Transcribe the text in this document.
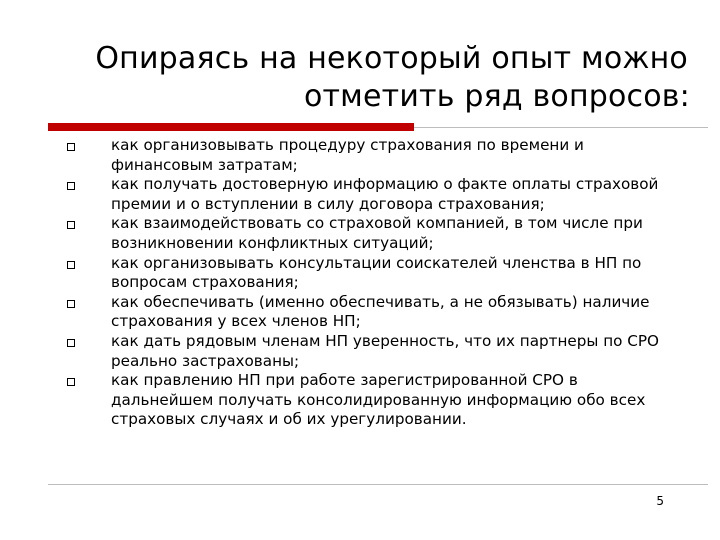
Опираясь на некоторый опыт можно
отметить ряд вопросов:
как организовывать процедуру страхования по времени и финансовым затратам;
как получать достоверную информацию о факте оплаты страховой премии и о вступлении в силу договора страхования;
как взаимодействовать со страховой компанией, в том числе при возникновении конфликтных ситуаций;
как организовывать консультации соискателей членства в НП по вопросам страхования;
как обеспечивать (именно обеспечивать, а не обязывать) наличие страхования у всех членов НП;
как дать рядовым членам НП уверенность, что их партнеры по СРО реально застрахованы;
как правлению НП при работе зарегистрированной СРО в дальнейшем получать консолидированную информацию обо всех страховых случаях и об их урегулировании.
5
